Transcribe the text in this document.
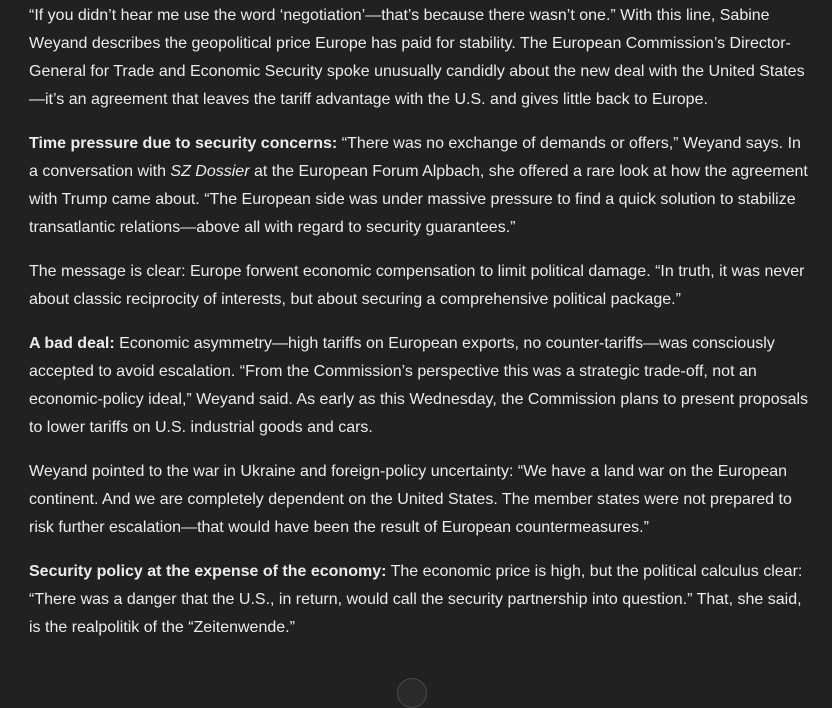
“If you didn’t hear me use the word ‘negotiation’—that’s because there wasn’t one.” With this line, Sabine Weyand describes the geopolitical price Europe has paid for stability. The European Commission’s Director-General for Trade and Economic Security spoke unusually candidly about the new deal with the United States—it’s an agreement that leaves the tariff advantage with the U.S. and gives little back to Europe.

Time pressure due to security concerns: “There was no exchange of demands or offers,” Weyand says. In a conversation with SZ Dossier at the European Forum Alpbach, she offered a rare look at how the agreement with Trump came about. “The European side was under massive pressure to find a quick solution to stabilize transatlantic relations—above all with regard to security guarantees.”

The message is clear: Europe forwent economic compensation to limit political damage. “In truth, it was never about classic reciprocity of interests, but about securing a comprehensive political package.”

A bad deal: Economic asymmetry—high tariffs on European exports, no counter-tariffs—was consciously accepted to avoid escalation. “From the Commission’s perspective this was a strategic trade-off, not an economic-policy ideal,” Weyand said. As early as this Wednesday, the Commission plans to present proposals to lower tariffs on U.S. industrial goods and cars.

Weyand pointed to the war in Ukraine and foreign-policy uncertainty: “We have a land war on the European continent. And we are completely dependent on the United States. The member states were not prepared to risk further escalation—that would have been the result of European countermeasures.”

Security policy at the expense of the economy: The economic price is high, but the political calculus clear: “There was a danger that the U.S., in return, would call the security partnership into question.” That, she said, is the realpolitik of the “Zeitenwende.”
